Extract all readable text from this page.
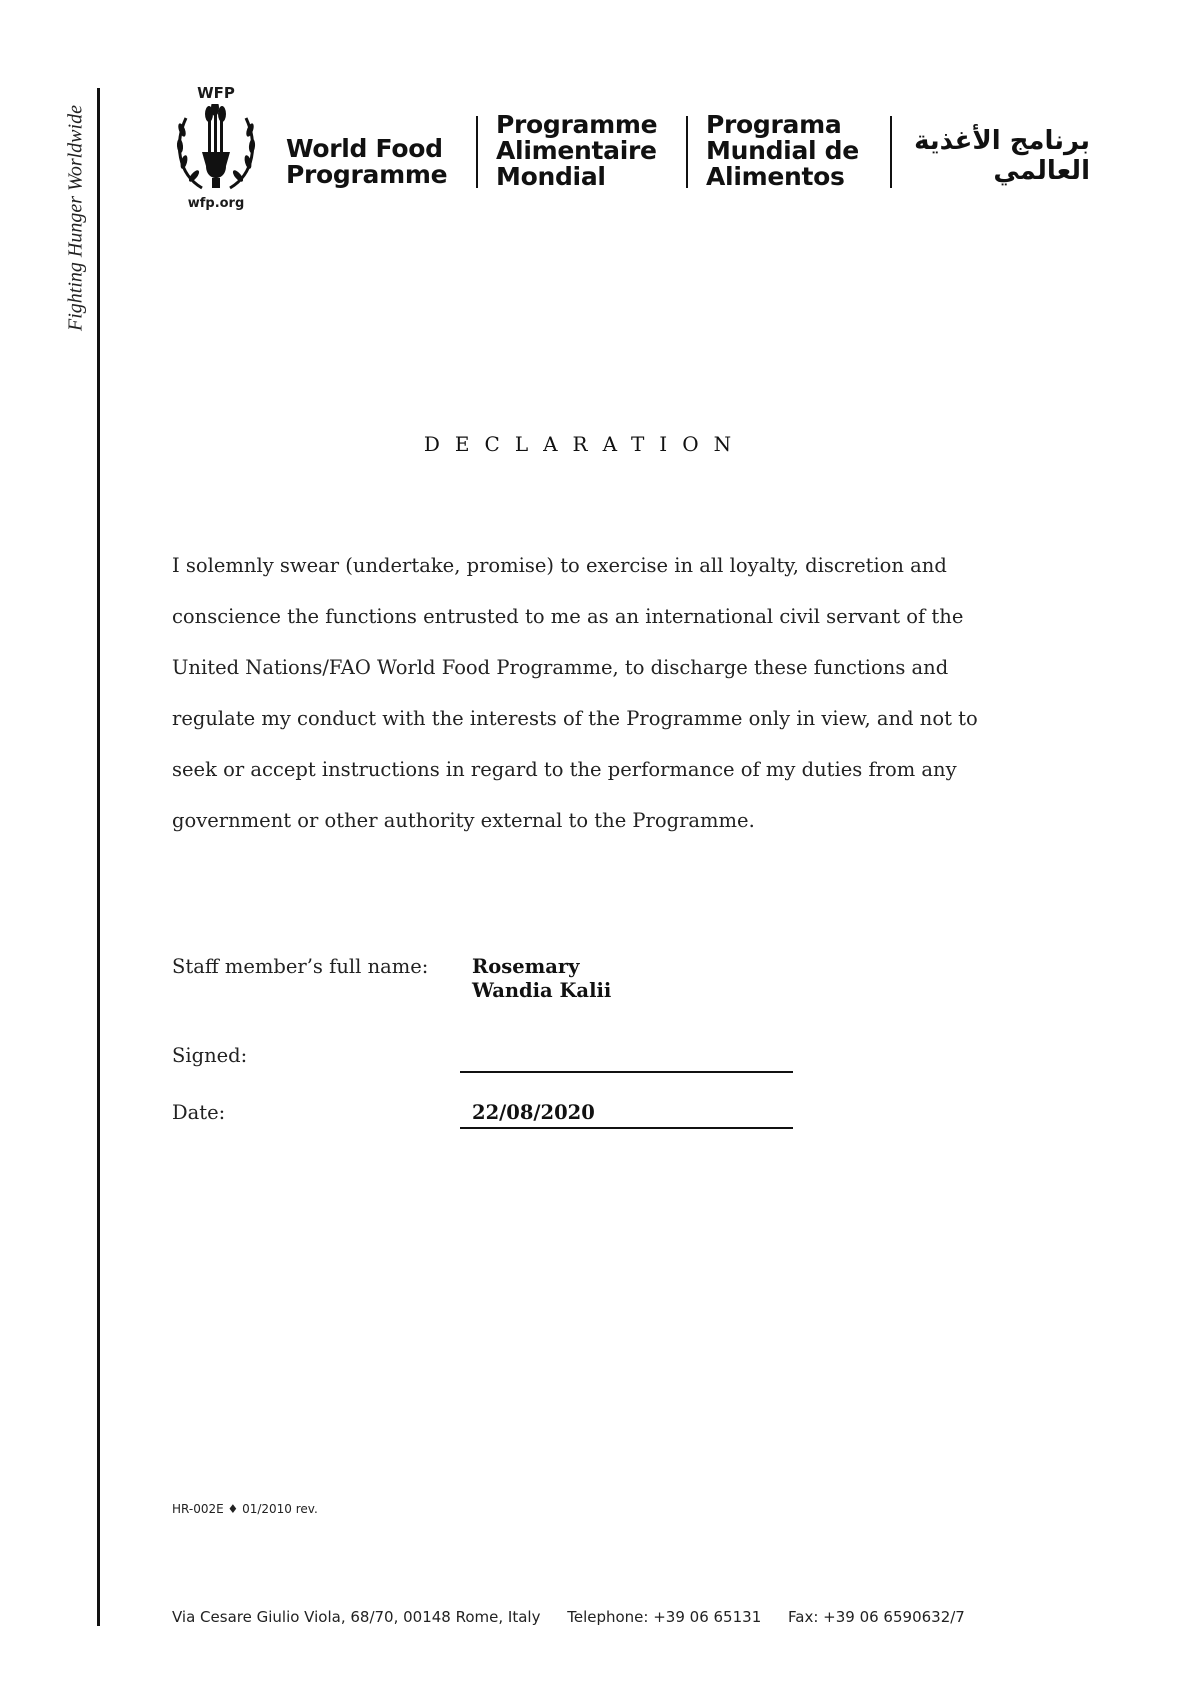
Fighting Hunger Worldwide
WFP
wfp.org
World Food
Programme
Programme
Alimentaire
Mondial
Programa
Mundial de
Alimentos
برنامج الأغذية
العالمي
DECLARATION
I solemnly swear (undertake, promise) to exercise in all loyalty, discretion and
conscience the functions entrusted to me as an international civil servant of the
United Nations/FAO World Food Programme, to discharge these functions and
regulate my conduct with the interests of the Programme only in view, and not to
seek or accept instructions in regard to the performance of my duties from any
government or other authority external to the Programme.
Staff member’s full name: Rosemary
Wandia Kalii
Signed:
Date:	22/08/2020
HR-002E ♦ 01/2010 rev.
Via Cesare Giulio Viola, 68/70, 00148 Rome, Italy Telephone: +39 06 65131 Fax: +39 06 6590632/7
